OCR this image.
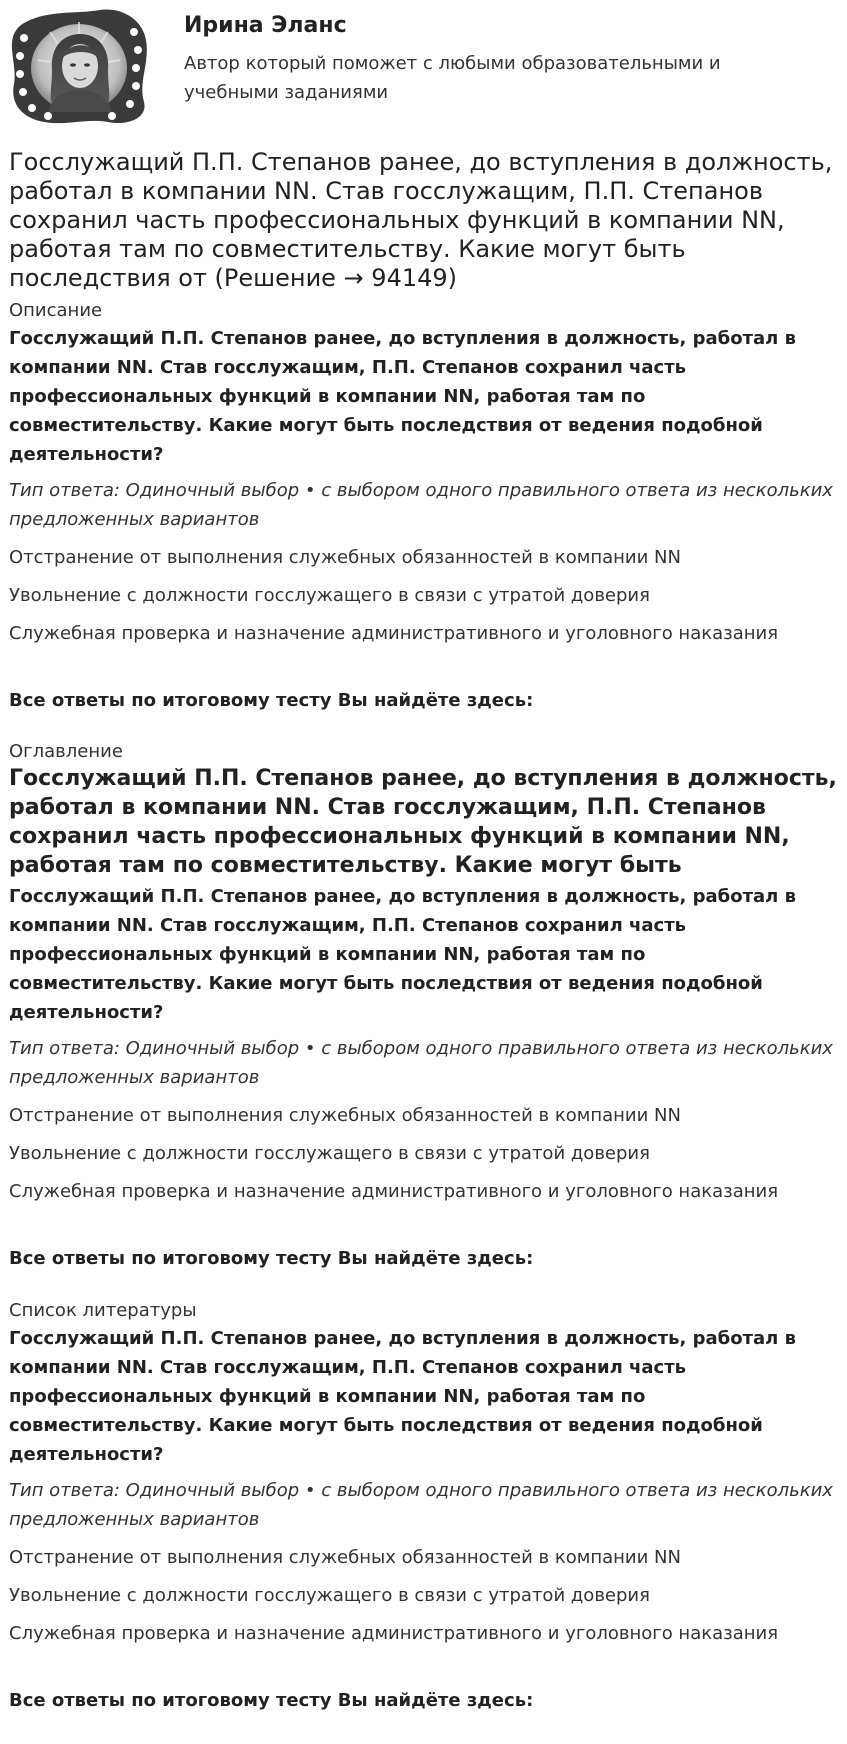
Ирина Эланс
Автор который поможет с любыми образовательными и учебными заданиями
Госслужащий П.П. Степанов ранее, до вступления в должность, работал в компании NN. Став госслужащим, П.П. Степанов сохранил часть профессиональных функций в компании NN, работая там по совместительству. Какие могут быть последствия от (Решение → 94149)
Описание
Госслужащий П.П. Степанов ранее, до вступления в должность, работал в компании NN. Став госслужащим, П.П. Степанов сохранил часть профессиональных функций в компании NN, работая там по совместительству. Какие могут быть последствия от ведения подобной деятельности?
Тип ответа: Одиночный выбор • с выбором одного правильного ответа из нескольких предложенных вариантов
Отстранение от выполнения служебных обязанностей в компании NN
Увольнение с должности госслужащего в связи с утратой доверия
Служебная проверка и назначение административного и уголовного наказания
Все ответы по итоговому тесту Вы найдёте здесь:
Оглавление
Госслужащий П.П. Степанов ранее, до вступления в должность, работал в компании NN. Став госслужащим, П.П. Степанов сохранил часть профессиональных функций в компании NN, работая там по совместительству. Какие могут быть
Госслужащий П.П. Степанов ранее, до вступления в должность, работал в компании NN. Став госслужащим, П.П. Степанов сохранил часть профессиональных функций в компании NN, работая там по совместительству. Какие могут быть последствия от ведения подобной деятельности?
Тип ответа: Одиночный выбор • с выбором одного правильного ответа из нескольких предложенных вариантов
Отстранение от выполнения служебных обязанностей в компании NN
Увольнение с должности госслужащего в связи с утратой доверия
Служебная проверка и назначение административного и уголовного наказания
Все ответы по итоговому тесту Вы найдёте здесь:
Список литературы
Госслужащий П.П. Степанов ранее, до вступления в должность, работал в компании NN. Став госслужащим, П.П. Степанов сохранил часть профессиональных функций в компании NN, работая там по совместительству. Какие могут быть последствия от ведения подобной деятельности?
Тип ответа: Одиночный выбор • с выбором одного правильного ответа из нескольких предложенных вариантов
Отстранение от выполнения служебных обязанностей в компании NN
Увольнение с должности госслужащего в связи с утратой доверия
Служебная проверка и назначение административного и уголовного наказания
Все ответы по итоговому тесту Вы найдёте здесь:
